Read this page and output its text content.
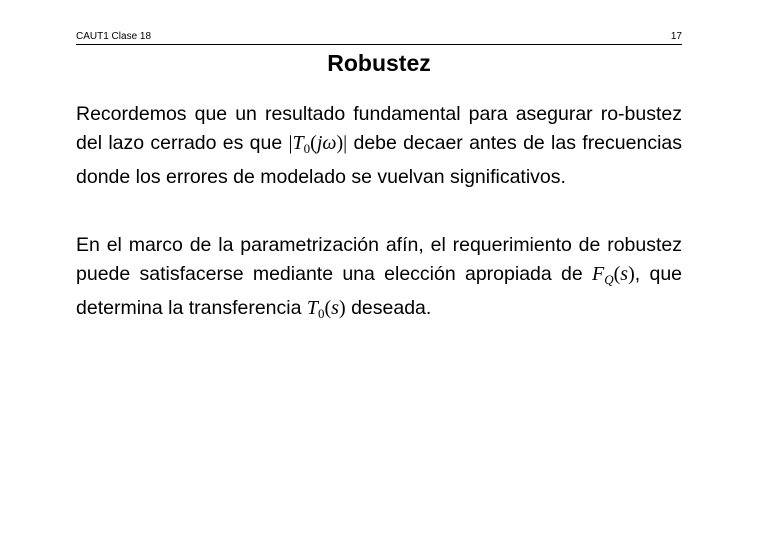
CAUT1 Clase 18	17
Robustez

Recordemos que un resultado fundamental para asegurar ro-bustez del lazo cerrado es que $|T_0(j\omega)|$ debe decaer antes de las frecuencias donde los errores de modelado se vuelvan significativos.

En el marco de la parametrización afín, el requerimiento de robustez puede satisfacerse mediante una elección apropiada de $F_Q(s)$, que determina la transferencia $T_0(s)$ deseada.
